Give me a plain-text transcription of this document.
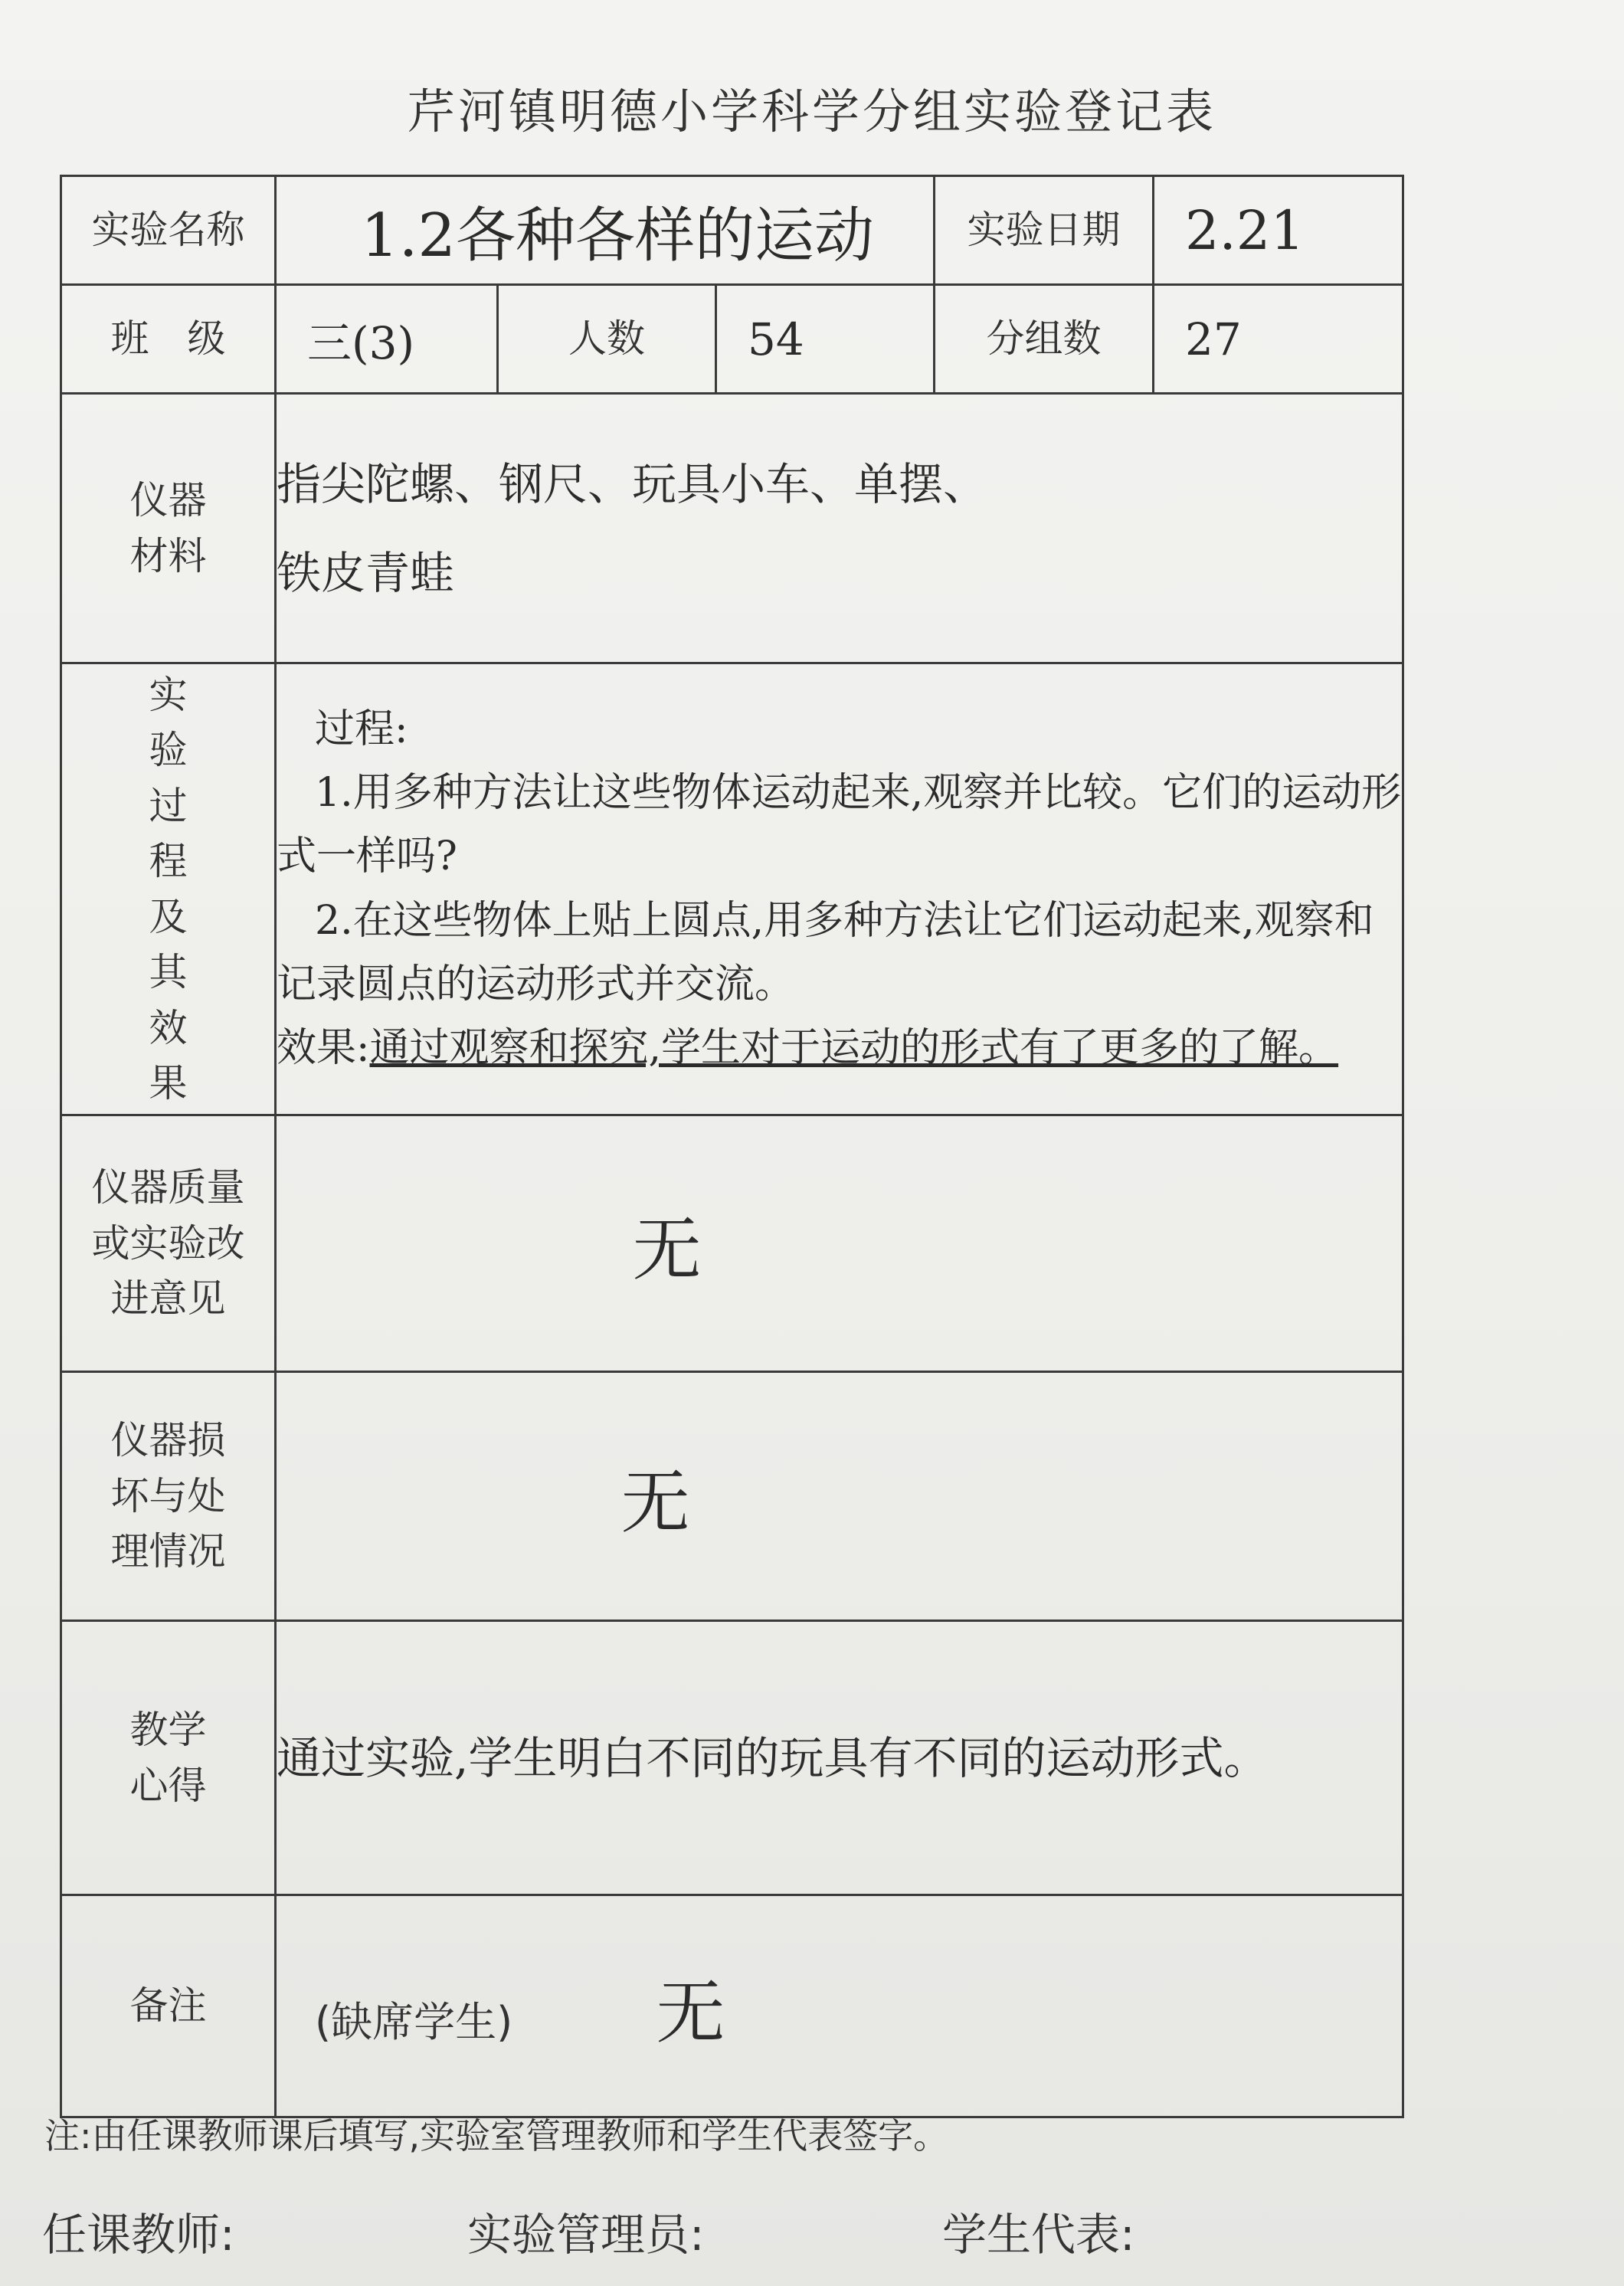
芹河镇明德小学科学分组实验登记表
实验名称	1.2各种各样的运动			实验日期	2.21
班　级	三(3)	人数	54	分组数	27
仪器材料	指尖陀螺、钢尺、玩具小车、单摆、
铁皮青蛙				

实验过程及其效果	过程:

1.用多种方法让这些物体运动起来,观察并比较。它们的运动形式一样吗?

2.在这些物体上贴上圆点,用多种方法让它们运动起来,观察和记录圆点的运动形式并交流。

效果:通过观察和探究,学生对于运动的形式有了更多的了解。				

仪器质量或实验改进意见	无				
仪器损坏与处理情况	无				
教学心得	通过实验,学生明白不同的玩具有不同的运动形式。				
备注	(缺席学生) 无				
注:由任课教师课后填写,实验室管理教师和学生代表签字。
任课教师:	实验管理员:	学生代表:
